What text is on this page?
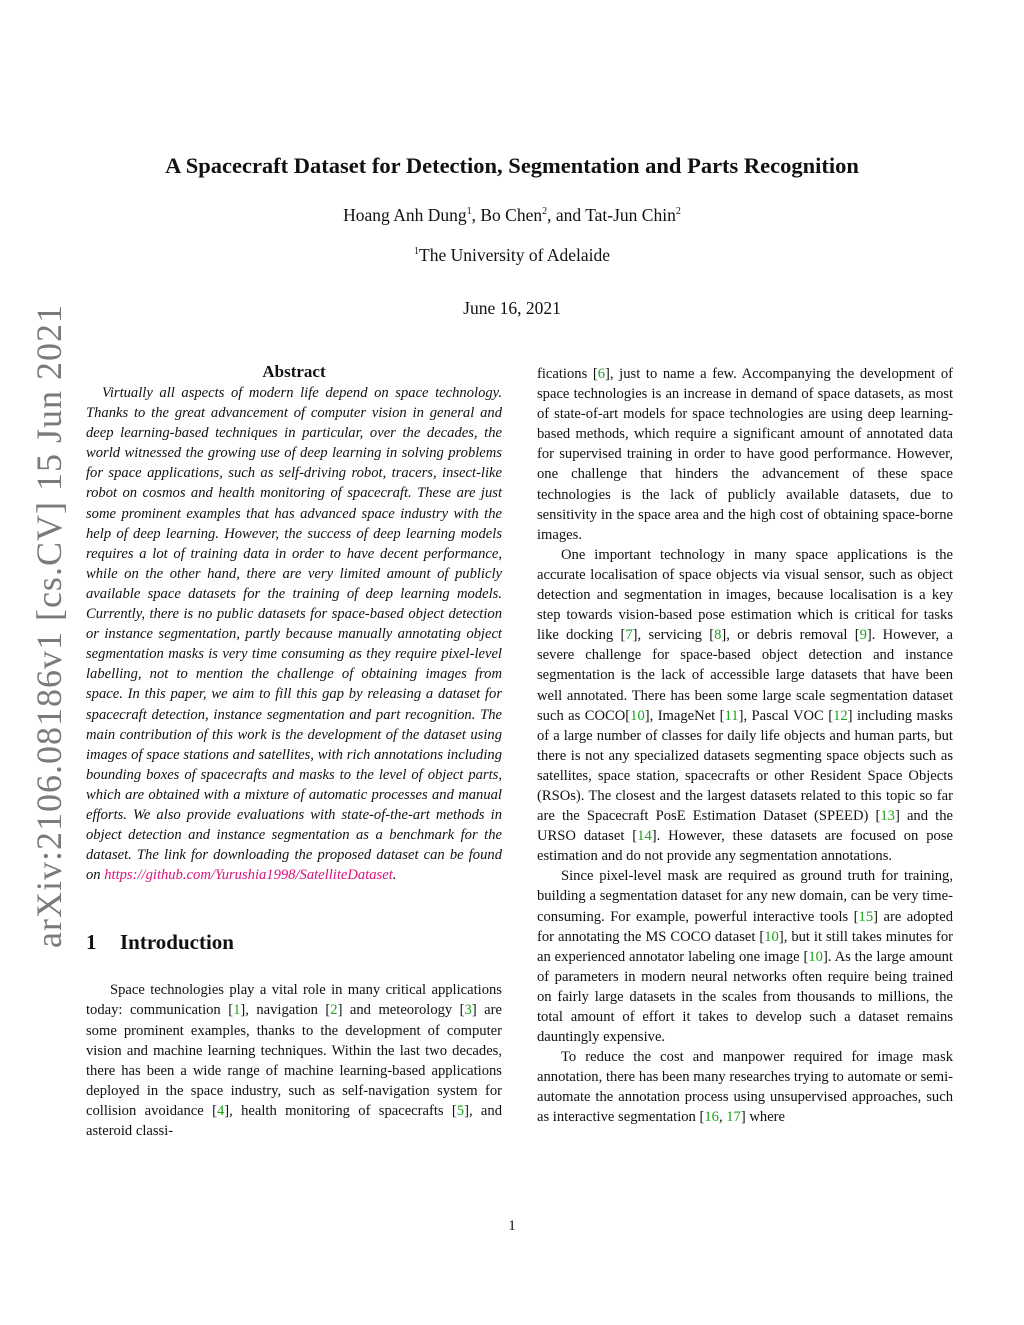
arXiv:2106.08186v1 [cs.CV] 15 Jun 2021
A Spacecraft Dataset for Detection, Segmentation and Parts Recognition
Hoang Anh Dung$^1$, Bo Chen$^2$, and Tat-Jun Chin$^2$
$^1$The University of Adelaide
June 16, 2021
Abstract

Virtually all aspects of modern life depend on space technology. Thanks to the great advancement of computer vision in general and deep learning-based techniques in particular, over the decades, the world witnessed the growing use of deep learning in solving problems for space applications, such as self-driving robot, tracers, insect-like robot on cosmos and health monitoring of spacecraft. These are just some prominent examples that has advanced space industry with the help of deep learning. However, the success of deep learning models requires a lot of training data in order to have decent performance, while on the other hand, there are very limited amount of publicly available space datasets for the training of deep learning models. Currently, there is no public datasets for space-based object detection or instance segmentation, partly because manually annotating object segmentation masks is very time consuming as they require pixel-level labelling, not to mention the challenge of obtaining images from space. In this paper, we aim to fill this gap by releasing a dataset for spacecraft detection, instance segmentation and part recognition. The main contribution of this work is the development of the dataset using images of space stations and satellites, with rich annotations including bounding boxes of spacecrafts and masks to the level of object parts, which are obtained with a mixture of automatic processes and manual efforts. We also provide evaluations with state-of-the-art methods in object detection and instance segmentation as a benchmark for the dataset. The link for downloading the proposed dataset can be found on https://github.com/Yurushia1998/SatelliteDataset.

1 Introduction

Space technologies play a vital role in many critical applications today: communication [1], navigation [2] and meteorology [3] are some prominent examples, thanks to the development of computer vision and machine learning techniques. Within the last two decades, there has been a wide range of machine learning-based applications deployed in the space industry, such as self-navigation system for collision avoidance [4], health monitoring of spacecrafts [5], and asteroid classi-

fications [6], just to name a few. Accompanying the development of space technologies is an increase in demand of space datasets, as most of state-of-art models for space technologies are using deep learning-based methods, which require a significant amount of annotated data for supervised training in order to have good performance. However, one challenge that hinders the advancement of these space technologies is the lack of publicly available datasets, due to sensitivity in the space area and the high cost of obtaining space-borne images.

One important technology in many space applications is the accurate localisation of space objects via visual sensor, such as object detection and segmentation in images, because localisation is a key step towards vision-based pose estimation which is critical for tasks like docking [7], servicing [8], or debris removal [9]. However, a severe challenge for space-based object detection and instance segmentation is the lack of accessible large datasets that have been well annotated. There has been some large scale segmentation dataset such as COCO[10], ImageNet [11], Pascal VOC [12] including masks of a large number of classes for daily life objects and human parts, but there is not any specialized datasets segmenting space objects such as satellites, space station, spacecrafts or other Resident Space Objects (RSOs). The closest and the largest datasets related to this topic so far are the Spacecraft PosE Estimation Dataset (SPEED) [13] and the URSO dataset [14]. However, these datasets are focused on pose estimation and do not provide any segmentation annotations.

Since pixel-level mask are required as ground truth for training, building a segmentation dataset for any new domain, can be very time-consuming. For example, powerful interactive tools [15] are adopted for annotating the MS COCO dataset [10], but it still takes minutes for an experienced annotator labeling one image [10]. As the large amount of parameters in modern neural networks often require being trained on fairly large datasets in the scales from thousands to millions, the total amount of effort it takes to develop such a dataset remains dauntingly expensive.

To reduce the cost and manpower required for image mask annotation, there has been many researches trying to automate or semi-automate the annotation process using unsupervised approaches, such as interactive segmentation [16, 17] where

1
